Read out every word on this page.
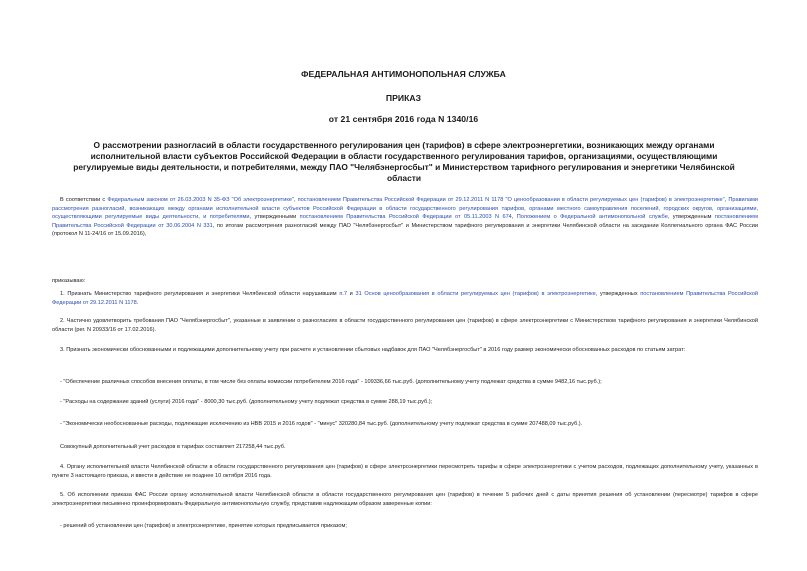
ФЕДЕРАЛЬНАЯ АНТИМОНОПОЛЬНАЯ СЛУЖБА
ПРИКАЗ
от 21 сентября 2016 года N 1340/16
О рассмотрении разногласий в области государственного регулирования цен (тарифов) в сфере электроэнергетики, возникающих между органами исполнительной власти субъектов Российской Федерации в области государственного регулирования тарифов, организациями, осуществляющими регулируемые виды деятельности, и потребителями, между ПАО "Челябэнергосбыт" и Министерством тарифного регулирования и энергетики Челябинской области

В соответствии с Федеральным законом от 26.03.2003 N 35-ФЗ "Об электроэнергетике", постановлением Правительства Российской Федерации от 29.12.2011 N 1178 "О ценообразовании в области регулируемых цен (тарифов) в электроэнергетике", Правилами рассмотрения разногласий, возникающих между органами исполнительной власти субъектов Российской Федерации в области государственного регулирования тарифов, органами местного самоуправления поселений, городских округов, организациями, осуществляющими регулируемые виды деятельности, и потребителями, утвержденными постановлением Правительства Российской Федерации от 05.11.2003 N 674, Положением о Федеральной антимонопольной службе, утвержденным постановлением Правительства Российской Федерации от 30.06.2004 N 331, по итогам рассмотрения разногласий между ПАО "Челябэнергосбыт" и Министерством тарифного регулирования и энергетики Челябинской области на заседании Коллегиального органа ФАС России (протокол N 11-24/16 от 15.09.2016),

приказываю:

1. Признать Министерство тарифного регулирования и энергетики Челябинской области нарушившим п.7 и 31 Основ ценообразования в области регулируемых цен (тарифов) в электроэнергетике, утвержденных постановлением Правительства Российской Федерации от 29.12.2011 N 1178.

2. Частично удовлетворить требования ПАО "Челябэнергосбыт", указанные в заявлении о разногласиях в области государственного регулирования цен (тарифов) в сфере электроэнергетики с Министерством тарифного регулирования и энергетики Челябинской области (рег. N 20933/16 от 17.02.2016).

3. Признать экономически обоснованными и подлежащими дополнительному учету при расчете и установлении сбытовых надбавок для ПАО "Челябэнергосбыт" в 2016 году размер экономически обоснованных расходов по статьям затрат:

- "Обеспечение различных способов внесения оплаты, в том числе без оплаты комиссии потребителем 2016 года" - 109336,66 тыс.руб. (дополнительному учету подлежат средства в сумме 9482,16 тыс.руб.);

- "Расходы на содержание зданий (услуги) 2016 года" - 8000,30 тыс.руб. (дополнительному учету подлежат средства в сумме 288,19 тыс.руб.);

- "Экономически необоснованные расходы, подлежащие исключению из НВВ 2015 и 2016 годов" - "минус" 320280,84 тыс.руб. (дополнительному учету подлежат средства в сумме 207488,09 тыс.руб.).

Совокупный дополнительный учет расходов в тарифах составляет 217258,44 тыс.руб.

4. Органу исполнительной власти Челябинской области в области государственного регулирования цен (тарифов) в сфере электроэнергетики пересмотреть тарифы в сфере электроэнергетики с учетом расходов, подлежащих дополнительному учету, указанных в пункте 3 настоящего приказа, и ввести в действие не позднее 10 октября 2016 года.

5. Об исполнении приказа ФАС России органу исполнительной власти Челябинской области в области государственного регулирования цен (тарифов) в течение 5 рабочих дней с даты принятия решения об установлении (пересмотре) тарифов в сфере электроэнергетики письменно проинформировать Федеральную антимонопольную службу, представив надлежащим образом заверенные копии:

- решений об установлении цен (тарифов) в электроэнергетике, принятие которых предписывается приказом;
